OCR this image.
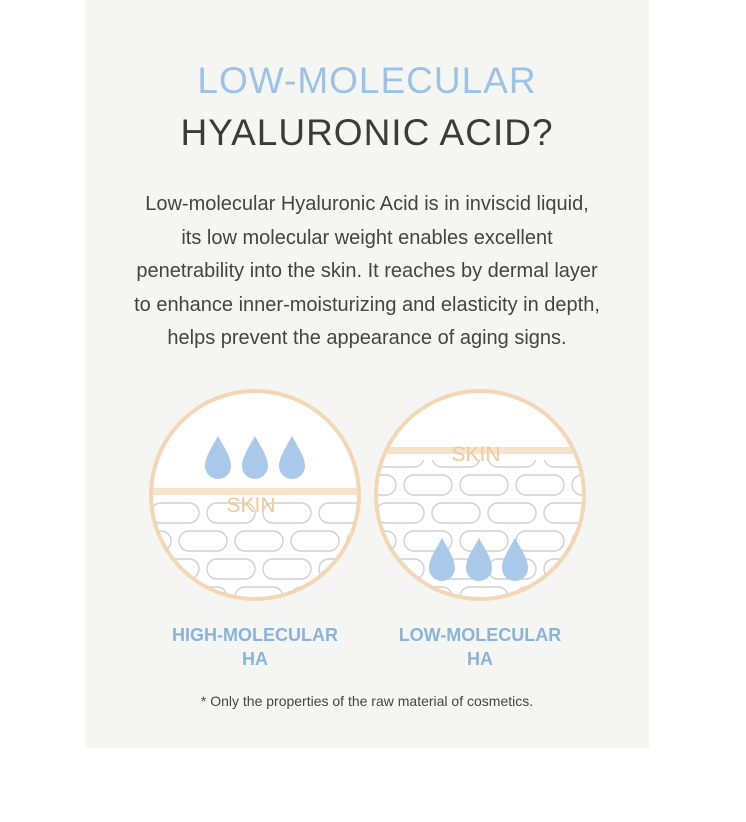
LOW-MOLECULAR
HYALURONIC ACID?
Low-molecular Hyaluronic Acid is in inviscid liquid,
its low molecular weight enables excellent
penetrability into the skin. It reaches by dermal layer
to enhance inner-moisturizing and elasticity in depth,
helps prevent the appearance of aging signs.
SKIN
SKIN
HIGH-MOLECULAR
HA
LOW-MOLECULAR
HA
* Only the properties of the raw material of cosmetics.
